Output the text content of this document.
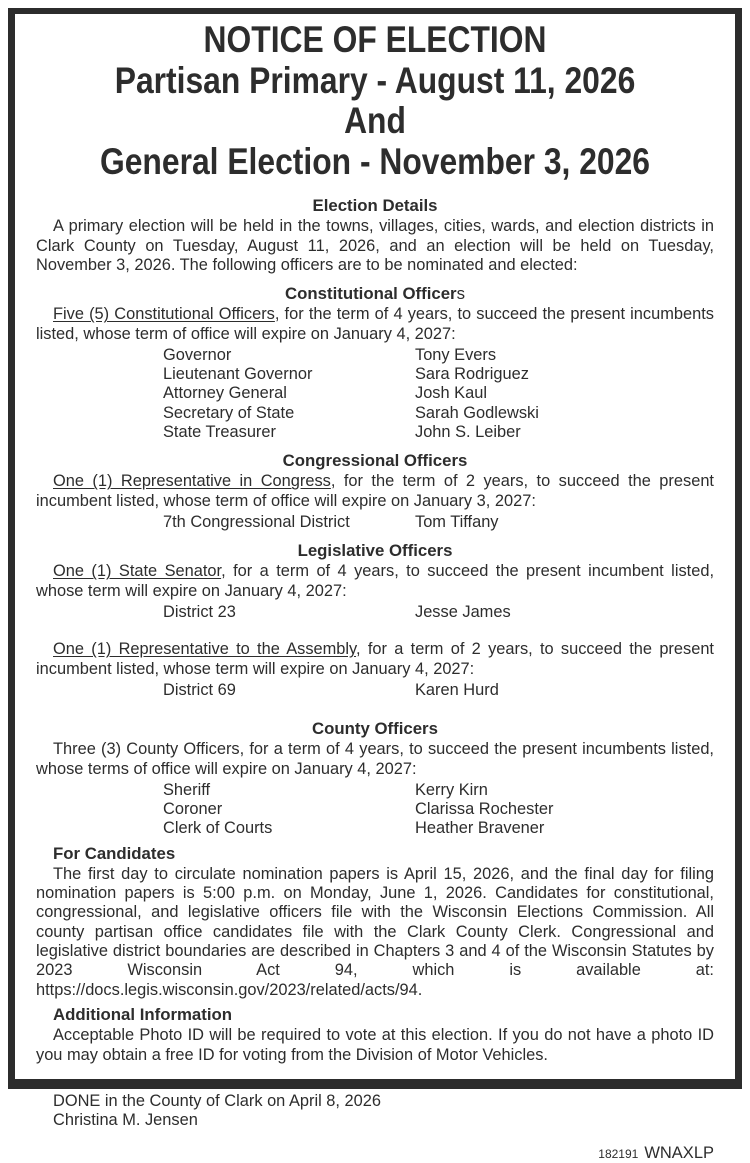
NOTICE OF ELECTION
Partisan Primary - August 11, 2026
And
General Election - November 3, 2026
Election Details

A primary election will be held in the towns, villages, cities, wards, and election districts in Clark County on Tuesday, August 11, 2026, and an election will be held on Tuesday, November 3, 2026. The following officers are to be nominated and elected:

Constitutional Officers

Five (5) Constitutional Officers, for the term of 4 years, to succeed the present incumbents listed, whose term of office will expire on January 4, 2027:

Governor	Tony Evers
Lieutenant Governor	Sara Rodriguez
Attorney General	Josh Kaul
Secretary of State	Sarah Godlewski
State Treasurer	John S. Leiber
Congressional Officers

One (1) Representative in Congress, for the term of 2 years, to succeed the present incumbent listed, whose term of office will expire on January 3, 2027:

7th Congressional District	Tom Tiffany
Legislative Officers

One (1) State Senator, for a term of 4 years, to succeed the present incumbent listed, whose term will expire on January 4, 2027:

District 23	Jesse James

One (1) Representative to the Assembly, for a term of 2 years, to succeed the present incumbent listed, whose term will expire on January 4, 2027:

District 69	Karen Hurd
County Officers

Three (3) County Officers, for a term of 4 years, to succeed the present incumbents listed, whose terms of office will expire on January 4, 2027:

Sheriff	Kerry Kirn
Coroner	Clarissa Rochester
Clerk of Courts	Heather Bravener
For Candidates

The first day to circulate nomination papers is April 15, 2026, and the final day for filing nomination papers is 5:00 p.m. on Monday, June 1, 2026. Candidates for constitutional, congressional, and legislative officers file with the Wisconsin Elections Commission. All county partisan office candidates file with the Clark County Clerk. Congressional and legislative district boundaries are described in Chapters 3 and 4 of the Wisconsin Statutes by 2023 Wisconsin Act 94, which is available at: https://docs.legis.wisconsin.gov/2023/related/acts/94.

Additional Information

Acceptable Photo ID will be required to vote at this election. If you do not have a photo ID you may obtain a free ID for voting from the Division of Motor Vehicles.

DONE in the County of Clark on April 8, 2026
Christina M. Jensen
182191 WNAXLP
